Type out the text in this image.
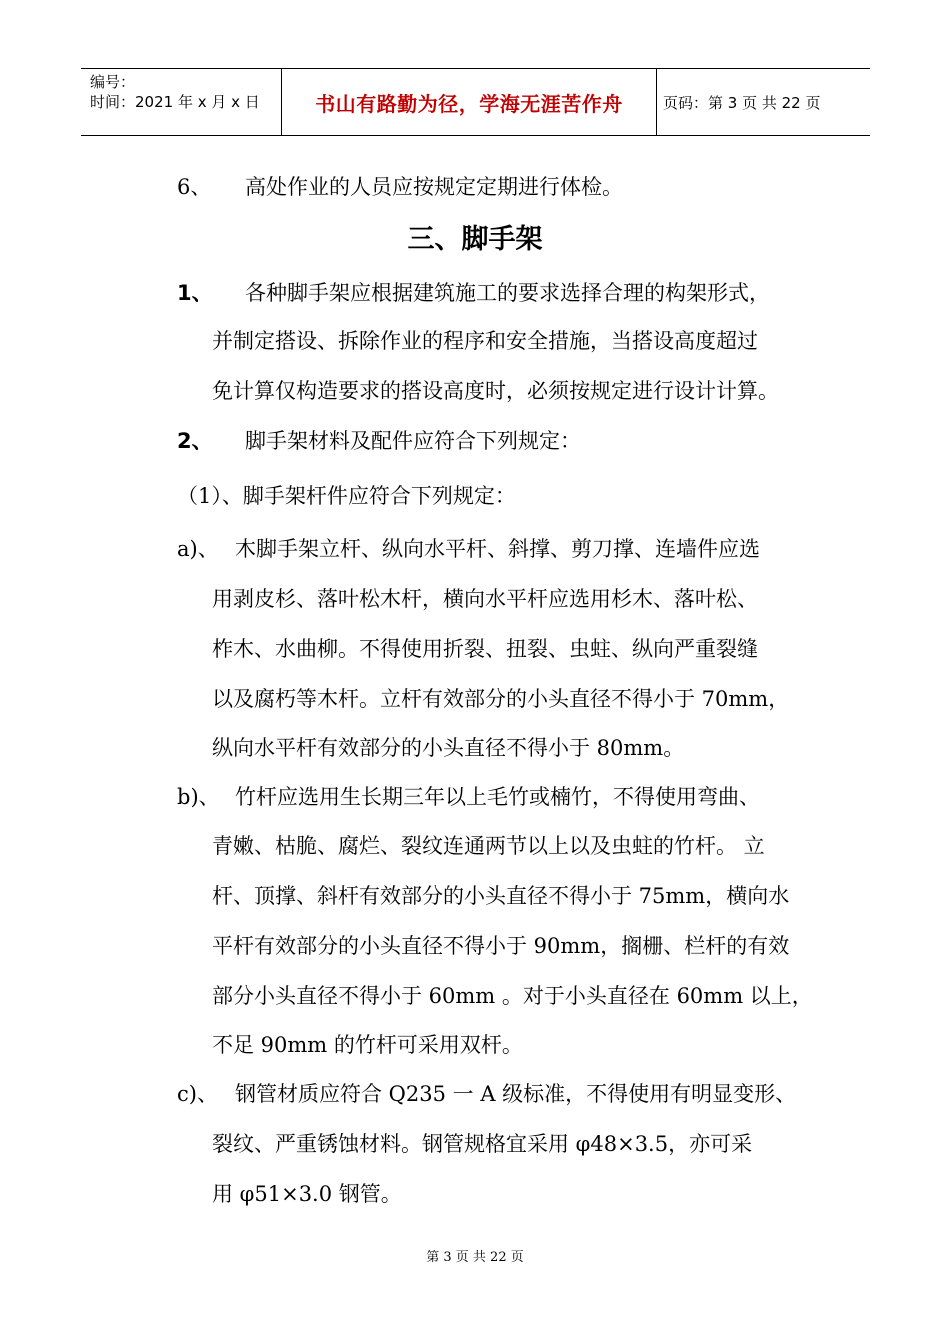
编号：
时间：2021 年 x 月 x 日	书山有路勤为径，学海无涯苦作舟	页码：第 3 页 共 22 页
6、 高处作业的人员应按规定定期进行体检。
三、脚手架
1、 各种脚手架应根据建筑施工的要求选择合理的构架形式，
并制定搭设、拆除作业的程序和安全措施，当搭设高度超过
免计算仅构造要求的搭设高度时，必须按规定进行设计计算。
2、 脚手架材料及配件应符合下列规定：
（1）、脚手架杆件应符合下列规定：
a)、 木脚手架立杆、纵向水平杆、斜撑、剪刀撑、连墙件应选
用剥皮杉、落叶松木杆，横向水平杆应选用杉木、落叶松、
柞木、水曲柳。不得使用折裂、扭裂、虫蛀、纵向严重裂缝
以及腐朽等木杆。立杆有效部分的小头直径不得小于 70mm，
纵向水平杆有效部分的小头直径不得小于 80mm。
b)、 竹杆应选用生长期三年以上毛竹或楠竹，不得使用弯曲、
青嫩、枯脆、腐烂、裂纹连通两节以上以及虫蛀的竹杆。 立
杆、顶撑、斜杆有效部分的小头直径不得小于 75mm，横向水
平杆有效部分的小头直径不得小于 90mm，搁栅、栏杆的有效
部分小头直径不得小于 60mm 。对于小头直径在 60mm 以上，
不足 90mm 的竹杆可采用双杆。
c)、 钢管材质应符合 Q235 一 A 级标准，不得使用有明显变形、
裂纹、严重锈蚀材料。钢管规格宜采用 φ48×3.5，亦可采
用 φ51×3.0 钢管。
第 3 页 共 22 页
